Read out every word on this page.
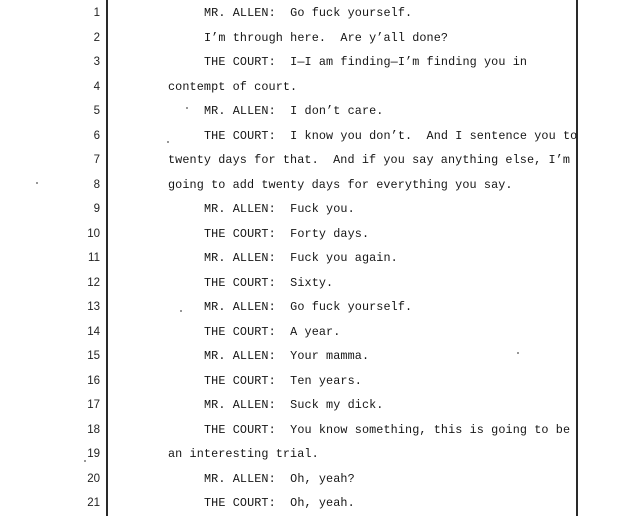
1	MR. ALLEN:  Go fuck yourself.
2	I’m through here.  Are y’all done?
3	THE COURT:  I—I am finding—I’m finding you in
4	contempt of court.
5	MR. ALLEN:  I don’t care.
6	THE COURT:  I know you don’t.  And I sentence you to
7	twenty days for that.  And if you say anything else, I’m
8	going to add twenty days for everything you say.
9	MR. ALLEN:  Fuck you.
10	THE COURT:  Forty days.
11	MR. ALLEN:  Fuck you again.
12	THE COURT:  Sixty.
13	MR. ALLEN:  Go fuck yourself.
14	THE COURT:  A year.
15	MR. ALLEN:  Your mamma.
16	THE COURT:  Ten years.
17	MR. ALLEN:  Suck my dick.
18	THE COURT:  You know something, this is going to be
19	an interesting trial.
20	MR. ALLEN:  Oh, yeah?
21	THE COURT:  Oh, yeah.
